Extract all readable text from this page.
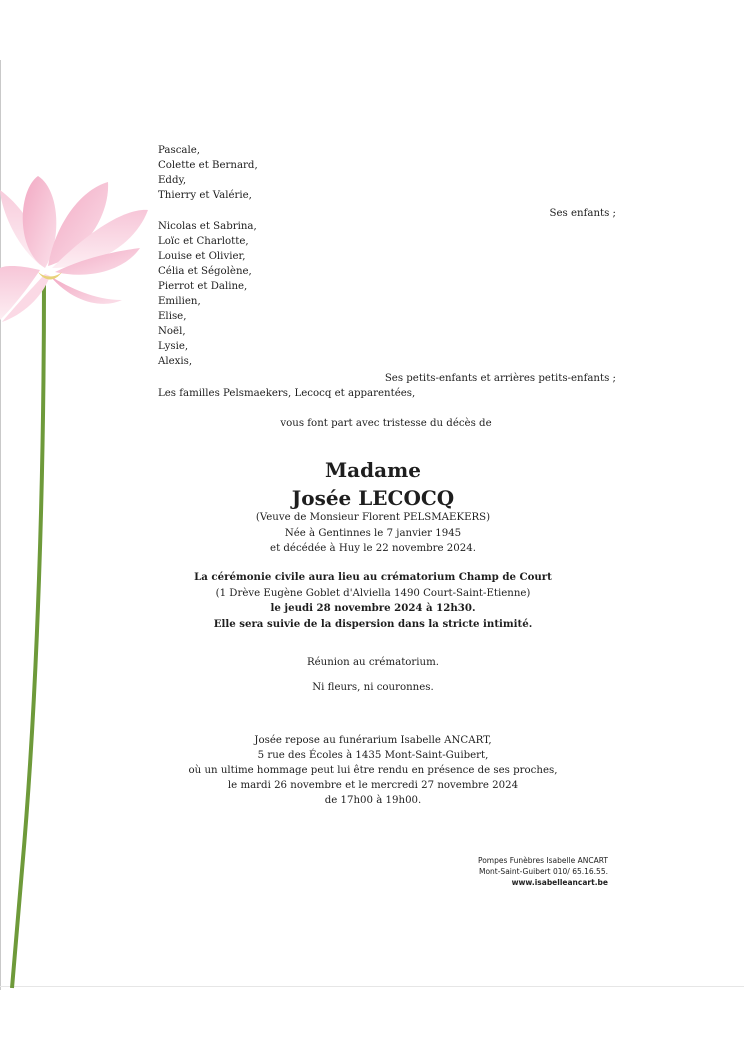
Pascale,
Colette et Bernard,
Eddy,
Thierry et Valérie,
Ses enfants ;
Nicolas et Sabrina,
Loïc et Charlotte,
Louise et Olivier,
Célia et Ségolène,
Pierrot et Daline,
Emilien,
Elise,
Noël,
Lysie,
Alexis,
Ses petits-enfants et arrières petits-enfants ;
Les familles Pelsmaekers, Lecocq et apparentées,
vous font part avec tristesse du décès de
Madame
Josée LECOCQ
(Veuve de Monsieur Florent PELSMAEKERS)
Née à Gentinnes le 7 janvier 1945
et décédée à Huy le 22 novembre 2024.
La cérémonie civile aura lieu au crématorium Champ de Court
(1 Drève Eugène Goblet d'Alviella 1490 Court-Saint-Etienne)
le jeudi 28 novembre 2024 à 12h30.
Elle sera suivie de la dispersion dans la stricte intimité.
Réunion au crématorium.
Ni fleurs, ni couronnes.
Josée repose au funérarium Isabelle ANCART,
5 rue des Écoles à 1435 Mont-Saint-Guibert,
où un ultime hommage peut lui être rendu en présence de ses proches,
le mardi 26 novembre et le mercredi 27 novembre 2024
de 17h00 à 19h00.
Pompes Funèbres Isabelle ANCART
Mont-Saint-Guibert 010/ 65.16.55.
www.isabelleancart.be
